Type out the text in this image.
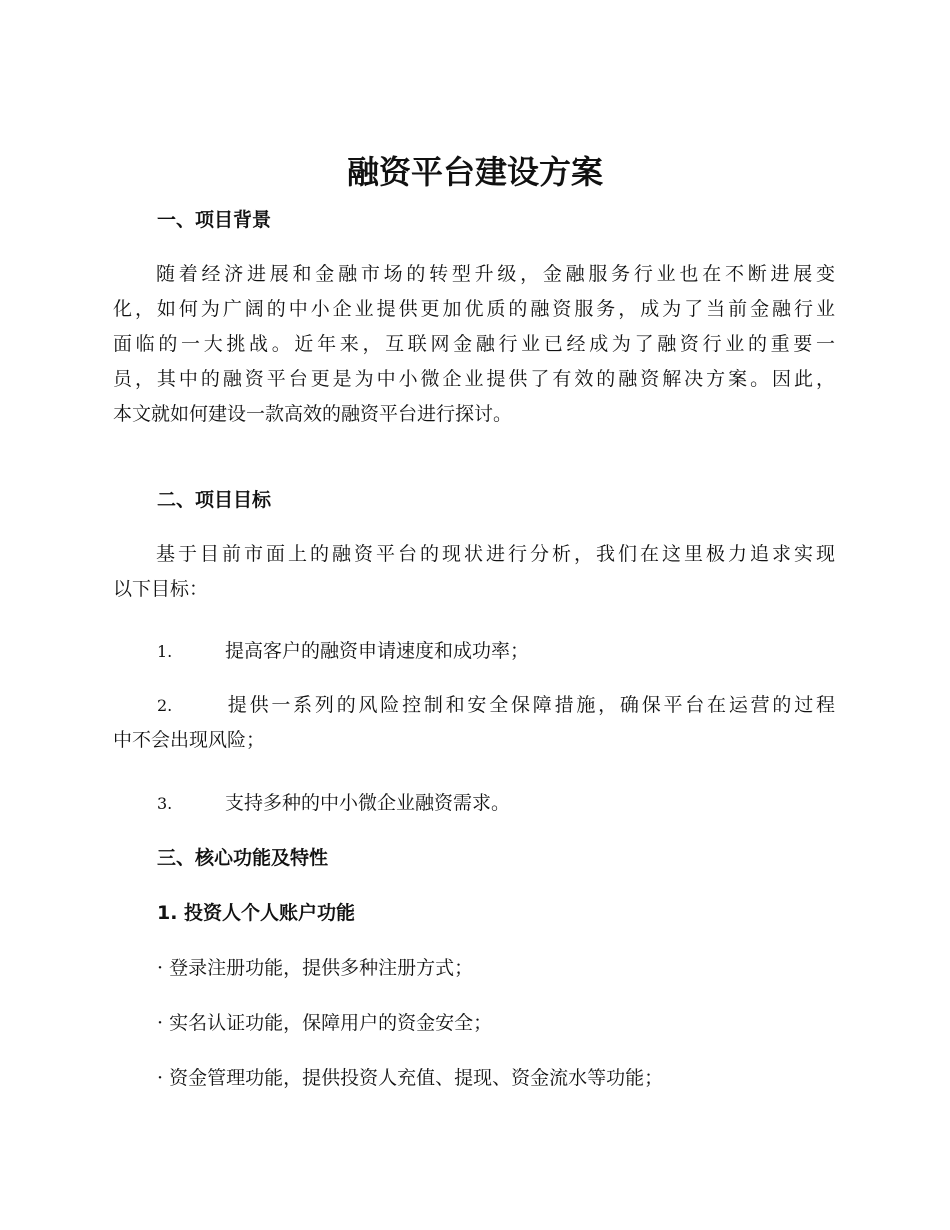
融资平台建设方案
一、项目背景
随着经济进展和金融市场的转型升级，金融服务行业也在不断进展变
化，如何为广阔的中小企业提供更加优质的融资服务，成为了当前金融行业
面临的一大挑战。近年来，互联网金融行业已经成为了融资行业的重要一
员，其中的融资平台更是为中小微企业提供了有效的融资解决方案。因此，
本文就如何建设一款高效的融资平台进行探讨。
二、项目目标
基于目前市面上的融资平台的现状进行分析，我们在这里极力追求实现
以下目标：

1.	提高客户的融资申请速度和成功率；

2.	提供一系列的风险控制和安全保障措施，确保平台在运营的过程
中不会出现风险；

3.	支持多种的中小微企业融资需求。

三、核心功能及特性
1. 投资人个人账户功能

· 登录注册功能，提供多种注册方式；

· 实名认证功能，保障用户的资金安全；

· 资金管理功能，提供投资人充值、提现、资金流水等功能；
